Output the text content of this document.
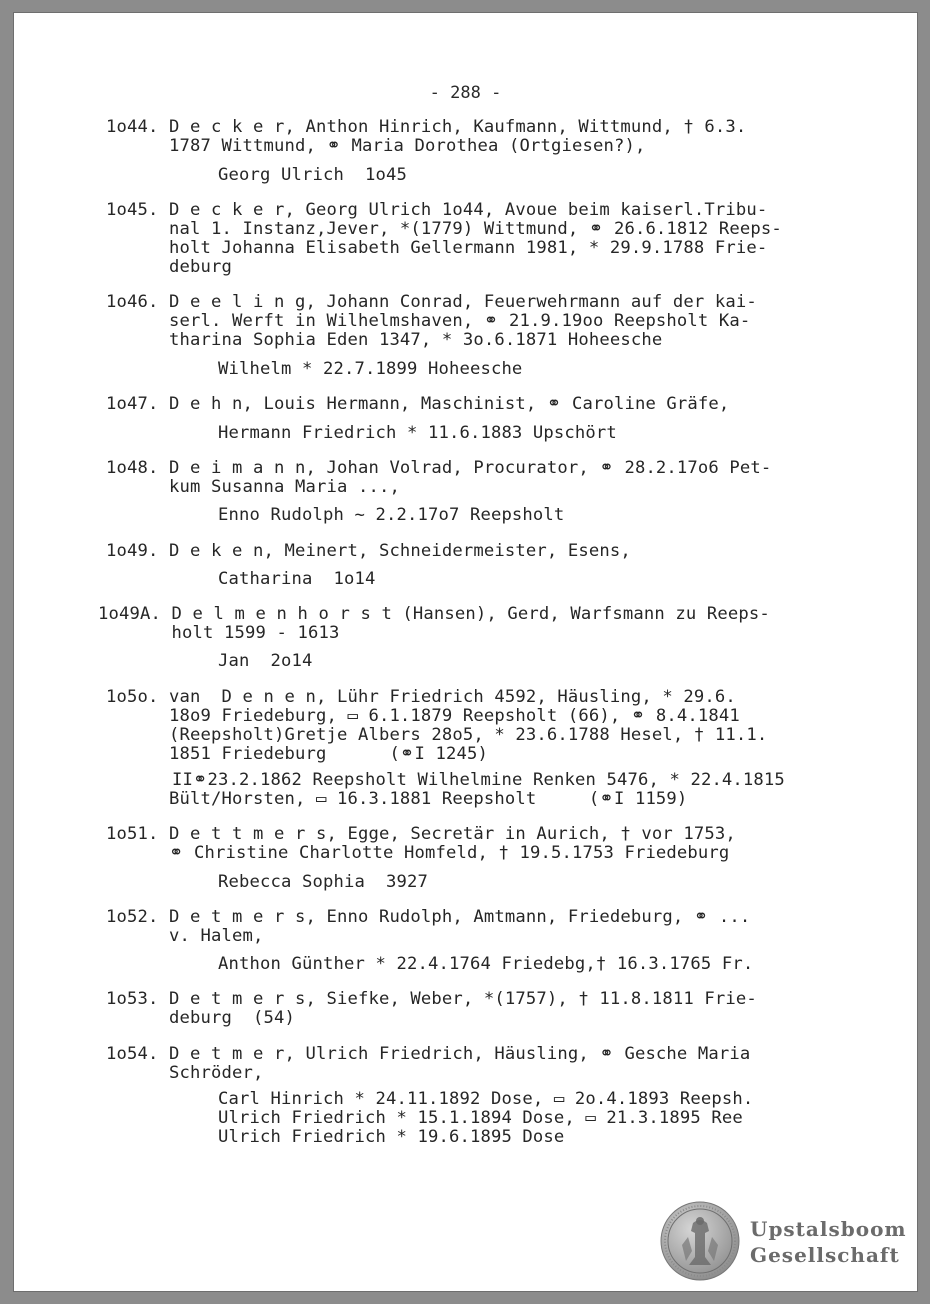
- 288 -
1o44. D e c k e r, Anthon Hinrich, Kaufmann, Wittmund, † 6.3.
1787 Wittmund, ⚭ Maria Dorothea (Ortgiesen?),
Georg Ulrich  1o45
1o45. D e c k e r, Georg Ulrich 1o44, Avoue beim kaiserl.Tribu-
nal 1. Instanz,Jever, *(1779) Wittmund, ⚭ 26.6.1812 Reeps-
holt Johanna Elisabeth Gellermann 1981, * 29.9.1788 Frie-
deburg
1o46. D e e l i n g, Johann Conrad, Feuerwehrmann auf der kai-
serl. Werft in Wilhelmshaven, ⚭ 21.9.19oo Reepsholt Ka-
tharina Sophia Eden 1347, * 3o.6.1871 Hoheesche
Wilhelm * 22.7.1899 Hoheesche
1o47. D e h n, Louis Hermann, Maschinist, ⚭ Caroline Gräfe,
Hermann Friedrich * 11.6.1883 Upschört
1o48. D e i m a n n, Johan Volrad, Procurator, ⚭ 28.2.17o6 Pet-
kum Susanna Maria ...,
Enno Rudolph ~ 2.2.17o7 Reepsholt
1o49. D e k e n, Meinert, Schneidermeister, Esens,
Catharina  1o14
1o49A. D e l m e n h o r s t (Hansen), Gerd, Warfsmann zu Reeps-
holt 1599 - 1613
Jan  2o14
1o5o. van  D e n e n, Lühr Friedrich 4592, Häusling, * 29.6.
18o9 Friedeburg, ▭ 6.1.1879 Reepsholt (66), ⚭ 8.4.1841
(Reepsholt)Gretje Albers 28o5, * 23.6.1788 Hesel, † 11.1.
1851 Friedeburg      (⚭I 1245)
II⚭23.2.1862 Reepsholt Wilhelmine Renken 5476, * 22.4.1815
Bült/Horsten, ▭ 16.3.1881 Reepsholt     (⚭I 1159)
1o51. D e t t m e r s, Egge, Secretär in Aurich, † vor 1753,
⚭ Christine Charlotte Homfeld, † 19.5.1753 Friedeburg
Rebecca Sophia  3927
1o52. D e t m e r s, Enno Rudolph, Amtmann, Friedeburg, ⚭ ...
v. Halem,
Anthon Günther * 22.4.1764 Friedebg,† 16.3.1765 Fr.
1o53. D e t m e r s, Siefke, Weber, *(1757), † 11.8.1811 Frie-
deburg  (54)
1o54. D e t m e r, Ulrich Friedrich, Häusling, ⚭ Gesche Maria
Schröder,
Carl Hinrich * 24.11.1892 Dose, ▭ 2o.4.1893 Reepsh.
Ulrich Friedrich * 15.1.1894 Dose, ▭ 21.3.1895 Ree
Ulrich Friedrich * 19.6.1895 Dose
Upstalsboom
Gesellschaft
